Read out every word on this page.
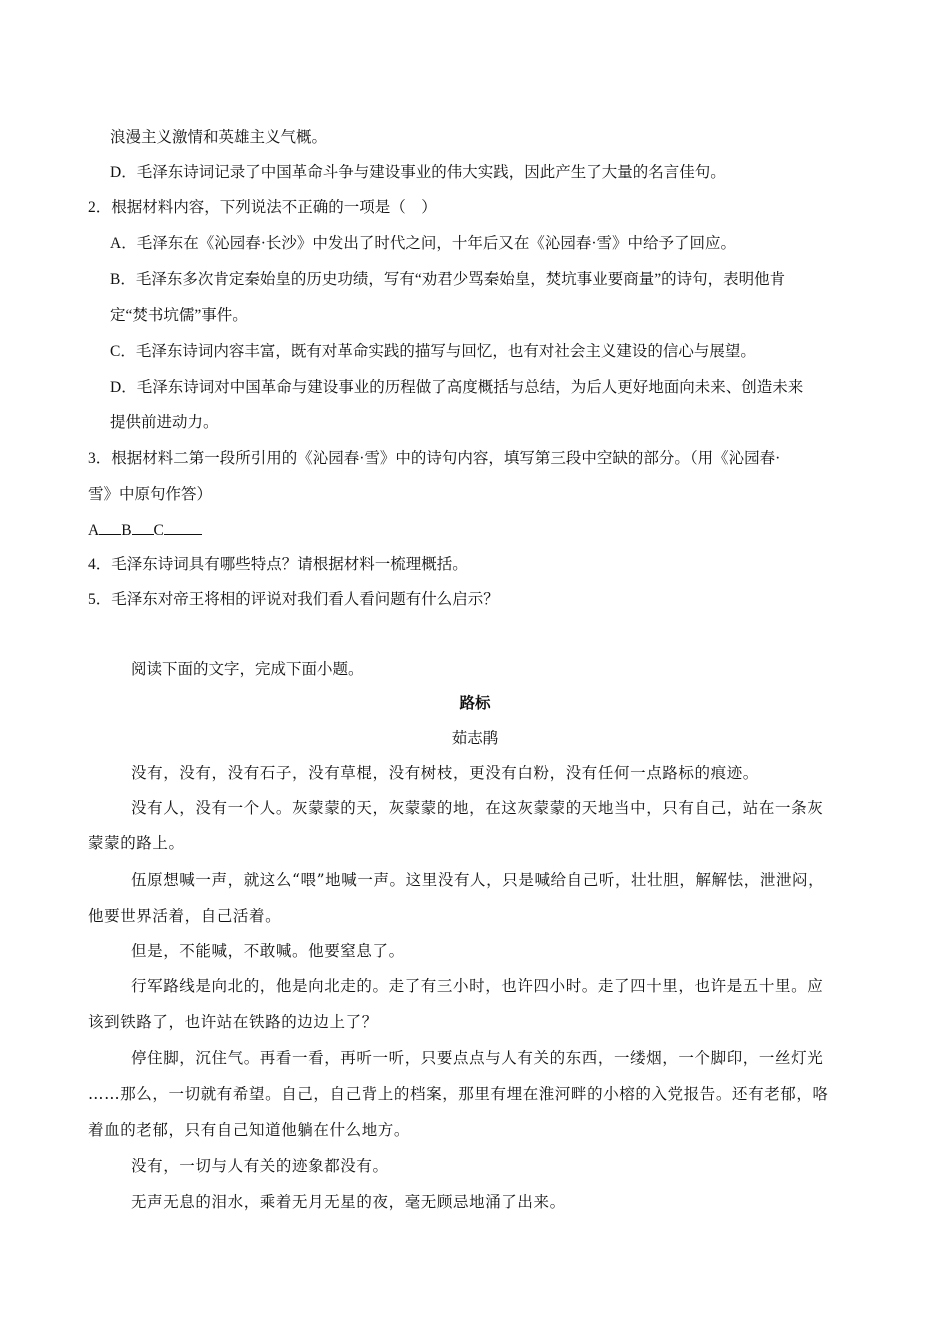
浪漫主义激情和英雄主义气概。
D．毛泽东诗词记录了中国革命斗争与建设事业的伟大实践，因此产生了大量的名言佳句。
2．根据材料内容，下列说法不正确的一项是（　）
A．毛泽东在《沁园春·长沙》中发出了时代之问，十年后又在《沁园春·雪》中给予了回应。
B．毛泽东多次肯定秦始皇的历史功绩，写有“劝君少骂秦始皇，焚坑事业要商量”的诗句，表明他肯
定“焚书坑儒”事件。
C．毛泽东诗词内容丰富，既有对革命实践的描写与回忆，也有对社会主义建设的信心与展望。
D．毛泽东诗词对中国革命与建设事业的历程做了高度概括与总结，为后人更好地面向未来、创造未来
提供前进动力。
3．根据材料二第一段所引用的《沁园春·雪》中的诗句内容，填写第三段中空缺的部分。（用《沁园春·
雪》中原句作答）
A B C
4．毛泽东诗词具有哪些特点？请根据材料一梳理概括。
5．毛泽东对帝王将相的评说对我们看人看问题有什么启示？
阅读下面的文字，完成下面小题。
路标
茹志鹃
没有，没有，没有石子，没有草棍，没有树枝，更没有白粉，没有任何一点路标的痕迹。
没有人，没有一个人。灰蒙蒙的天，灰蒙蒙的地，在这灰蒙蒙的天地当中，只有自己，站在一条灰
蒙蒙的路上。
伍原想喊一声，就这么“喂”地喊一声。这里没有人，只是喊给自己听，壮壮胆，解解怯，泄泄闷，
他要世界活着，自己活着。
但是，不能喊，不敢喊。他要窒息了。
行军路线是向北的，他是向北走的。走了有三小时，也许四小时。走了四十里，也许是五十里。应
该到铁路了，也许站在铁路的边边上了？
停住脚，沉住气。再看一看，再听一听，只要点点与人有关的东西，一缕烟，一个脚印，一丝灯光
……那么，一切就有希望。自己，自己背上的档案，那里有埋在淮河畔的小榕的入党报告。还有老郁，咯
着血的老郁，只有自己知道他躺在什么地方。
没有，一切与人有关的迹象都没有。
无声无息的泪水，乘着无月无星的夜，毫无顾忌地涌了出来。
